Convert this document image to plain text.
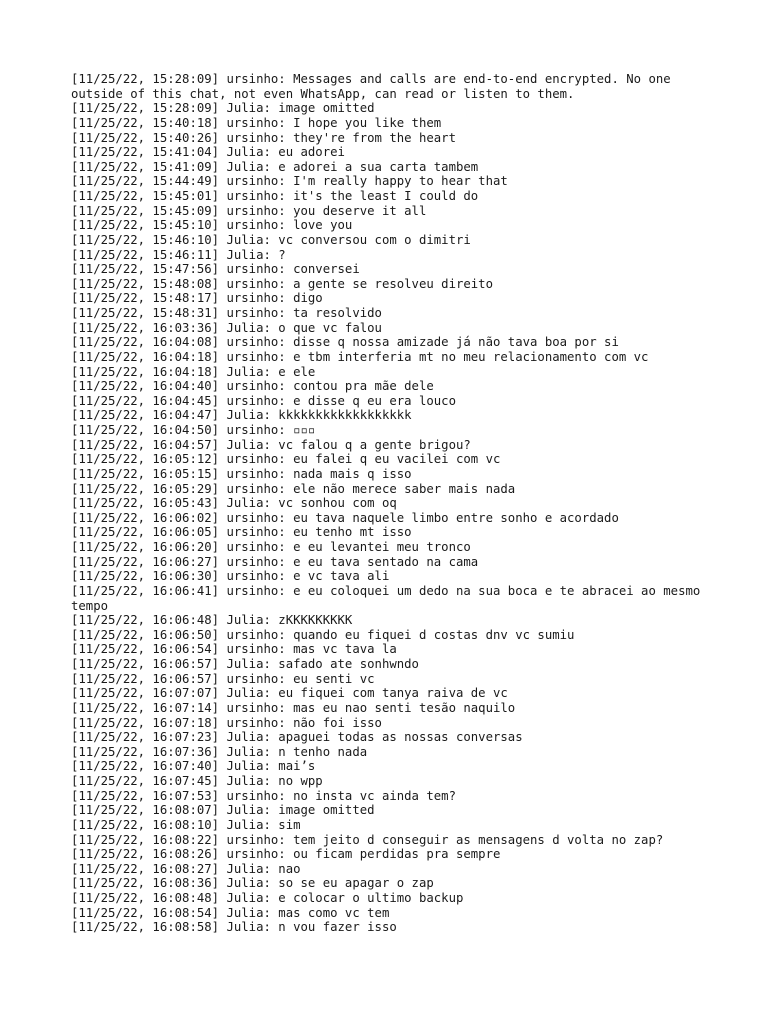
[11/25/22, 15:28:09] ursinho: Messages and calls are end-to-end encrypted. No one outside of this chat, not even WhatsApp, can read or listen to them.
[11/25/22, 15:28:09] Julia: image omitted
[11/25/22, 15:40:18] ursinho: I hope you like them
[11/25/22, 15:40:26] ursinho: they're from the heart
[11/25/22, 15:41:04] Julia: eu adorei
[11/25/22, 15:41:09] Julia: e adorei a sua carta tambem
[11/25/22, 15:44:49] ursinho: I'm really happy to hear that
[11/25/22, 15:45:01] ursinho: it's the least I could do
[11/25/22, 15:45:09] ursinho: you deserve it all
[11/25/22, 15:45:10] ursinho: love you
[11/25/22, 15:46:10] Julia: vc conversou com o dimitri
[11/25/22, 15:46:11] Julia: ?
[11/25/22, 15:47:56] ursinho: conversei
[11/25/22, 15:48:08] ursinho: a gente se resolveu direito
[11/25/22, 15:48:17] ursinho: digo
[11/25/22, 15:48:31] ursinho: ta resolvido
[11/25/22, 16:03:36] Julia: o que vc falou
[11/25/22, 16:04:08] ursinho: disse q nossa amizade já não tava boa por si
[11/25/22, 16:04:18] ursinho: e tbm interferia mt no meu relacionamento com vc
[11/25/22, 16:04:18] Julia: e ele
[11/25/22, 16:04:40] ursinho: contou pra mãe dele
[11/25/22, 16:04:45] ursinho: e disse q eu era louco
[11/25/22, 16:04:47] Julia: kkkkkkkkkkkkkkkkkk
[11/25/22, 16:04:50] ursinho: ▫▫▫
[11/25/22, 16:04:57] Julia: vc falou q a gente brigou?
[11/25/22, 16:05:12] ursinho: eu falei q eu vacilei com vc
[11/25/22, 16:05:15] ursinho: nada mais q isso
[11/25/22, 16:05:29] ursinho: ele não merece saber mais nada
[11/25/22, 16:05:43] Julia: vc sonhou com oq
[11/25/22, 16:06:02] ursinho: eu tava naquele limbo entre sonho e acordado
[11/25/22, 16:06:05] ursinho: eu tenho mt isso
[11/25/22, 16:06:20] ursinho: e eu levantei meu tronco
[11/25/22, 16:06:27] ursinho: e eu tava sentado na cama
[11/25/22, 16:06:30] ursinho: e vc tava ali
[11/25/22, 16:06:41] ursinho: e eu coloquei um dedo na sua boca e te abracei ao mesmo tempo
[11/25/22, 16:06:48] Julia: zKKKKKKKKK
[11/25/22, 16:06:50] ursinho: quando eu fiquei d costas dnv vc sumiu
[11/25/22, 16:06:54] ursinho: mas vc tava la
[11/25/22, 16:06:57] Julia: safado ate sonhwndo
[11/25/22, 16:06:57] ursinho: eu senti vc
[11/25/22, 16:07:07] Julia: eu fiquei com tanya raiva de vc
[11/25/22, 16:07:14] ursinho: mas eu nao senti tesão naquilo
[11/25/22, 16:07:18] ursinho: não foi isso
[11/25/22, 16:07:23] Julia: apaguei todas as nossas conversas
[11/25/22, 16:07:36] Julia: n tenho nada
[11/25/22, 16:07:40] Julia: mai’s
[11/25/22, 16:07:45] Julia: no wpp
[11/25/22, 16:07:53] ursinho: no insta vc ainda tem?
[11/25/22, 16:08:07] Julia: image omitted
[11/25/22, 16:08:10] Julia: sim
[11/25/22, 16:08:22] ursinho: tem jeito d conseguir as mensagens d volta no zap?
[11/25/22, 16:08:26] ursinho: ou ficam perdidas pra sempre
[11/25/22, 16:08:27] Julia: nao
[11/25/22, 16:08:36] Julia: so se eu apagar o zap
[11/25/22, 16:08:48] Julia: e colocar o ultimo backup
[11/25/22, 16:08:54] Julia: mas como vc tem
[11/25/22, 16:08:58] Julia: n vou fazer isso
